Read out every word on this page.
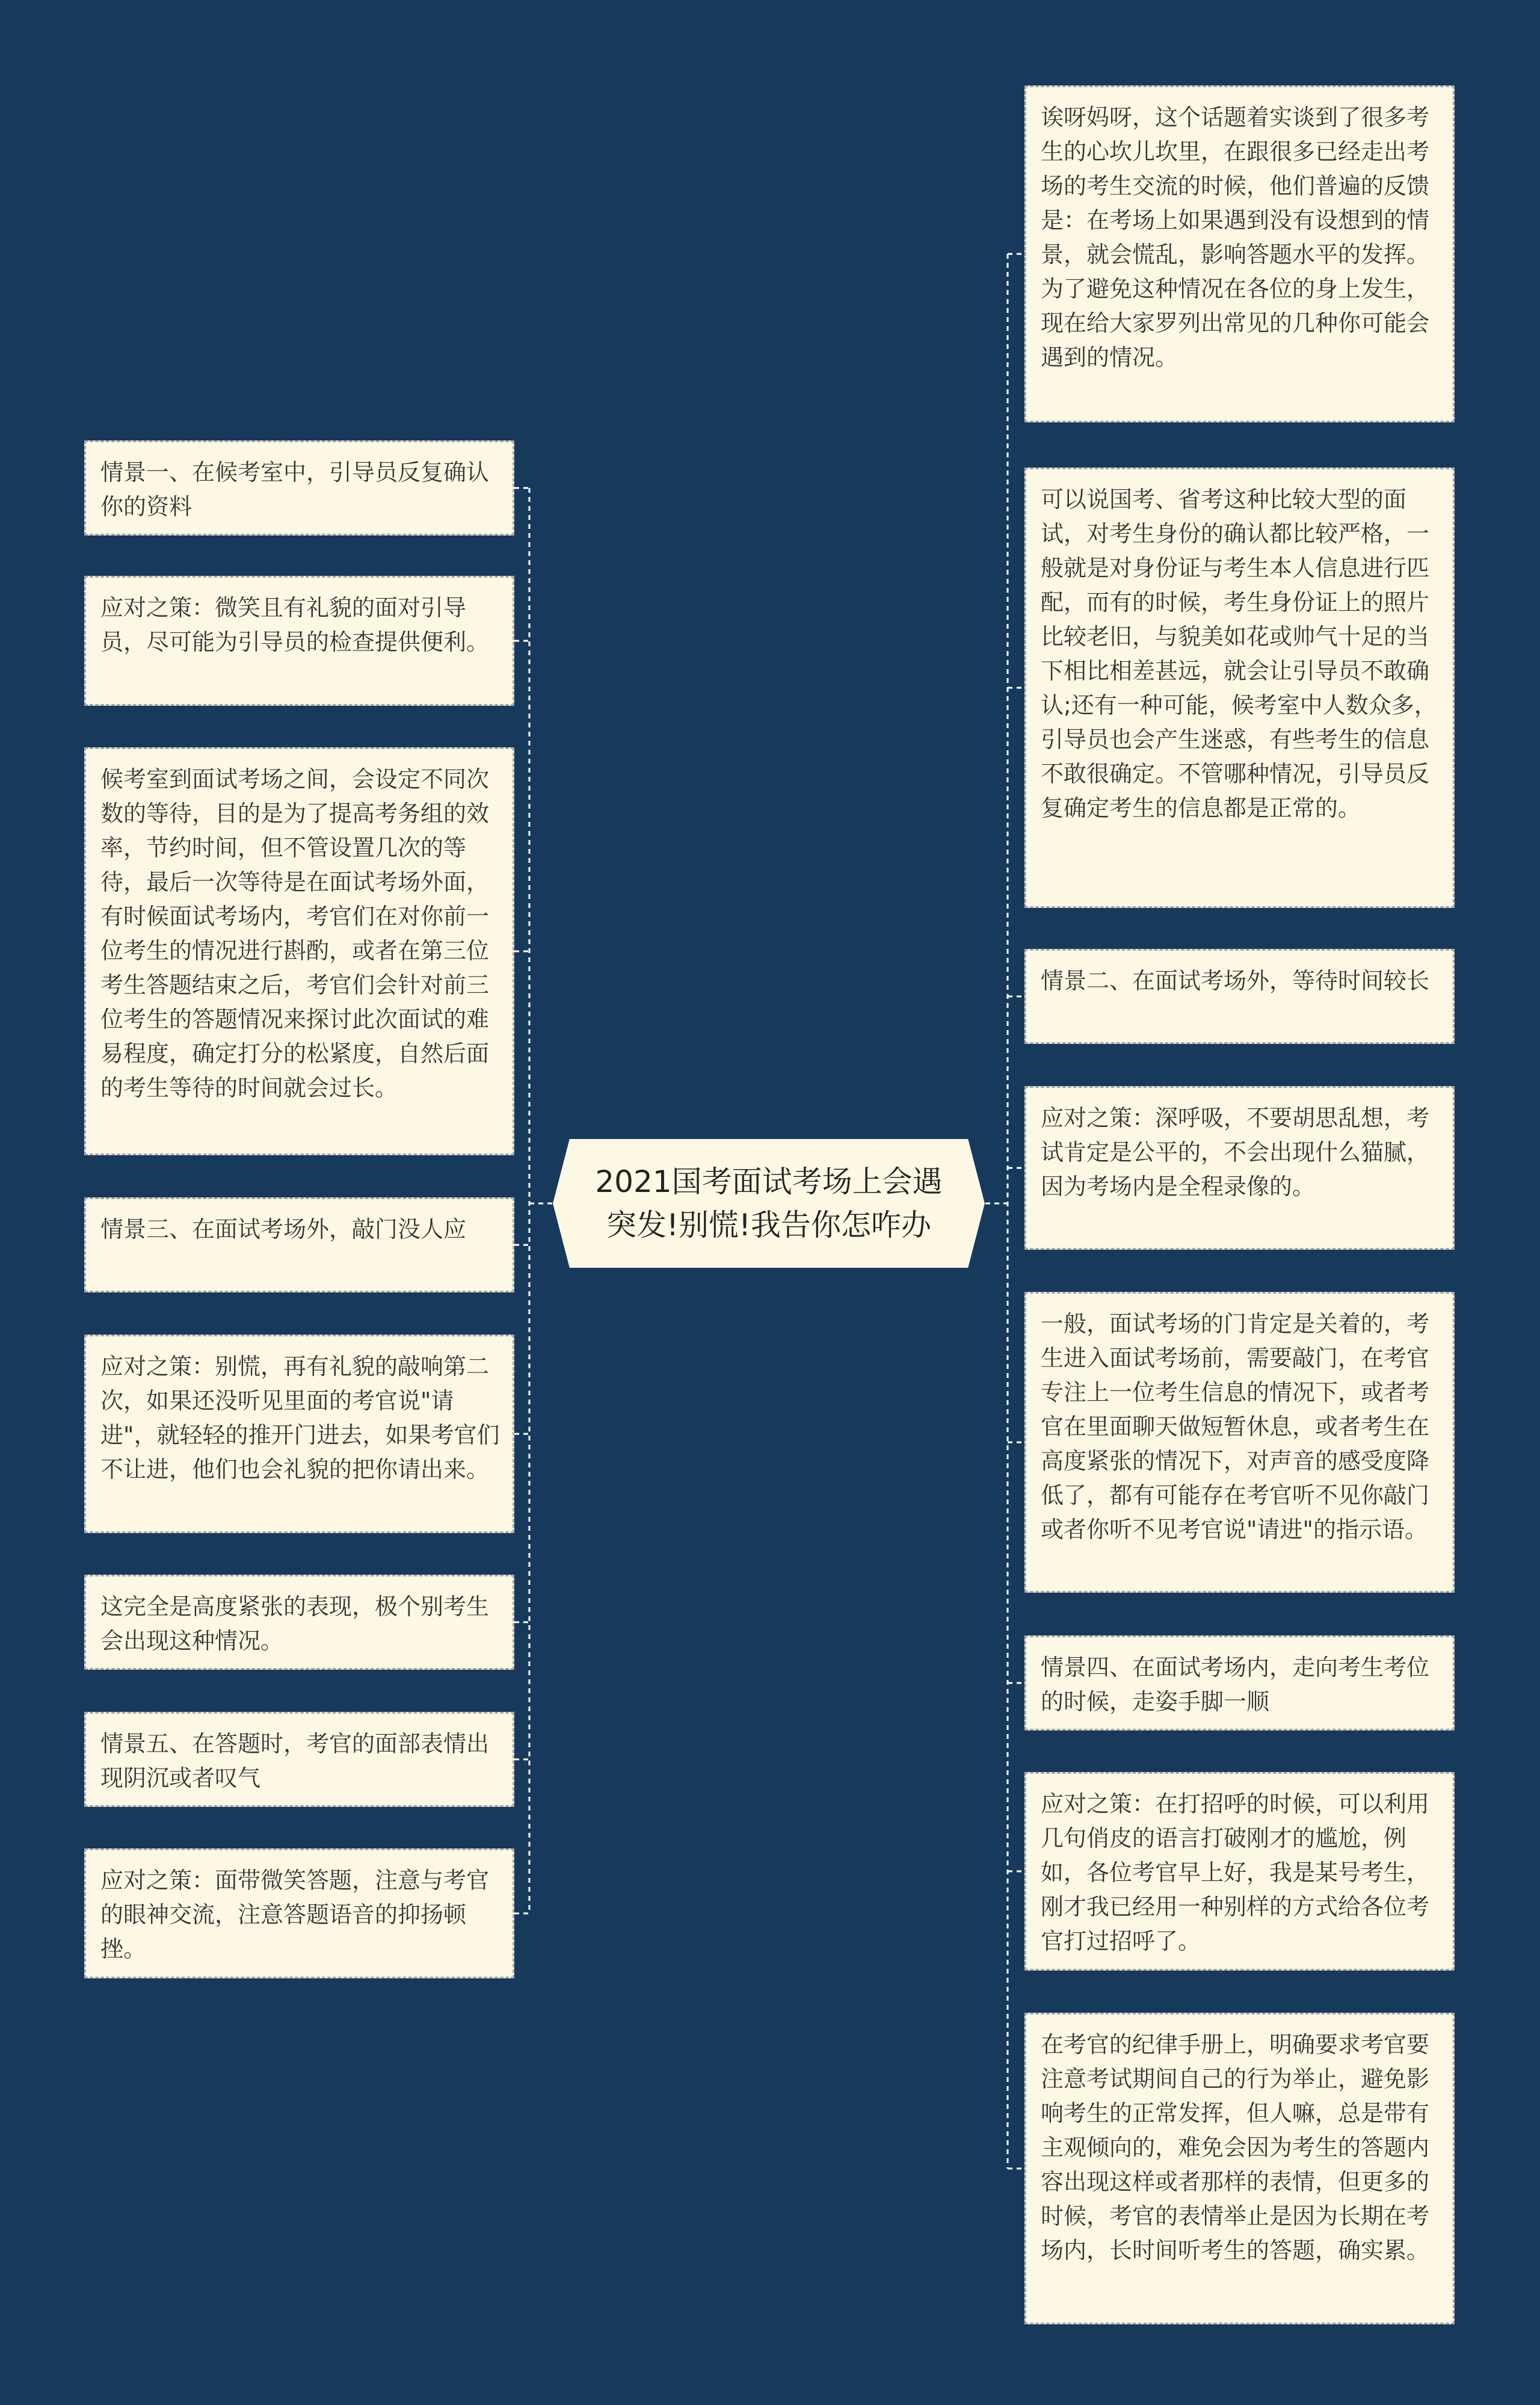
2021国考面试考场上会遇突发!别慌!我告你怎咋办
情景一、在候考室中，引导员反复确认你的资料
应对之策：微笑且有礼貌的面对引导员，尽可能为引导员的检查提供便利。
候考室到面试考场之间，会设定不同次数的等待，目的是为了提高考务组的效率，节约时间，但不管设置几次的等待，最后一次等待是在面试考场外面，有时候面试考场内，考官们在对你前一位考生的情况进行斟酌，或者在第三位考生答题结束之后，考官们会针对前三位考生的答题情况来探讨此次面试的难易程度，确定打分的松紧度，自然后面的考生等待的时间就会过长。
情景三、在面试考场外，敲门没人应
应对之策：别慌，再有礼貌的敲响第二次，如果还没听见里面的考官说"请进"，就轻轻的推开门进去，如果考官们不让进，他们也会礼貌的把你请出来。
这完全是高度紧张的表现，极个别考生会出现这种情况。
情景五、在答题时，考官的面部表情出现阴沉或者叹气
应对之策：面带微笑答题，注意与考官的眼神交流，注意答题语音的抑扬顿挫。
诶呀妈呀，这个话题着实谈到了很多考生的心坎儿坎里，在跟很多已经走出考场的考生交流的时候，他们普遍的反馈是：在考场上如果遇到没有设想到的情景，就会慌乱，影响答题水平的发挥。为了避免这种情况在各位的身上发生，现在给大家罗列出常见的几种你可能会遇到的情况。
可以说国考、省考这种比较大型的面试，对考生身份的确认都比较严格，一般就是对身份证与考生本人信息进行匹配，而有的时候，考生身份证上的照片比较老旧，与貌美如花或帅气十足的当下相比相差甚远，就会让引导员不敢确认;还有一种可能，候考室中人数众多，引导员也会产生迷惑，有些考生的信息不敢很确定。不管哪种情况，引导员反复确定考生的信息都是正常的。
情景二、在面试考场外，等待时间较长
应对之策：深呼吸，不要胡思乱想，考试肯定是公平的，不会出现什么猫腻，因为考场内是全程录像的。
一般，面试考场的门肯定是关着的，考生进入面试考场前，需要敲门，在考官专注上一位考生信息的情况下，或者考官在里面聊天做短暂休息，或者考生在高度紧张的情况下，对声音的感受度降低了，都有可能存在考官听不见你敲门或者你听不见考官说"请进"的指示语。
情景四、在面试考场内，走向考生考位的时候，走姿手脚一顺
应对之策：在打招呼的时候，可以利用几句俏皮的语言打破刚才的尴尬，例如，各位考官早上好，我是某号考生，刚才我已经用一种别样的方式给各位考官打过招呼了。
在考官的纪律手册上，明确要求考官要注意考试期间自己的行为举止，避免影响考生的正常发挥，但人嘛，总是带有主观倾向的，难免会因为考生的答题内容出现这样或者那样的表情，但更多的时候，考官的表情举止是因为长期在考场内，长时间听考生的答题，确实累。
